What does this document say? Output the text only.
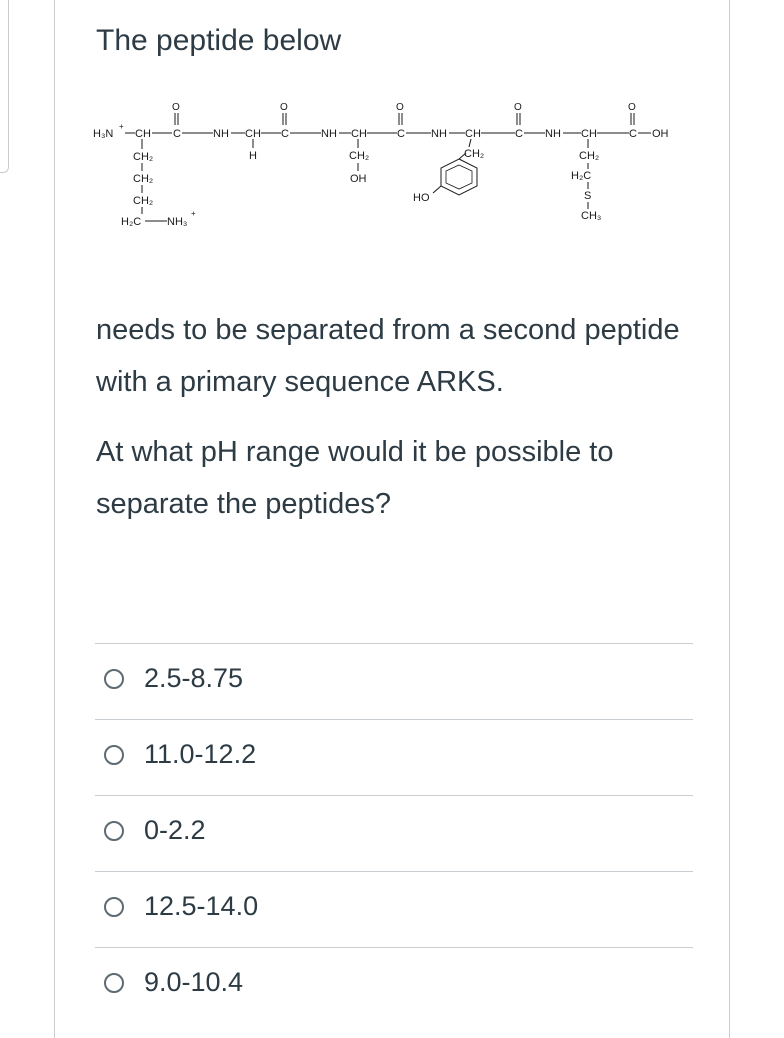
The peptide below
H₃N
+
CH C
O
NH CH C
O
NH CH	C
O
NH CH	C
O
NH CH	C
O
OH
CH₂
CH₂
CH₂
H₂C NH₃
+
H	CH₂
OH
CH₂
HO
CH₂
H₂C
S
CH₃

needs to be separated from a second peptide with a primary sequence ARKS.

At what pH range would it be possible to separate the peptides?

2.5-8.75
11.0-12.2
0-2.2
12.5-14.0
9.0-10.4
